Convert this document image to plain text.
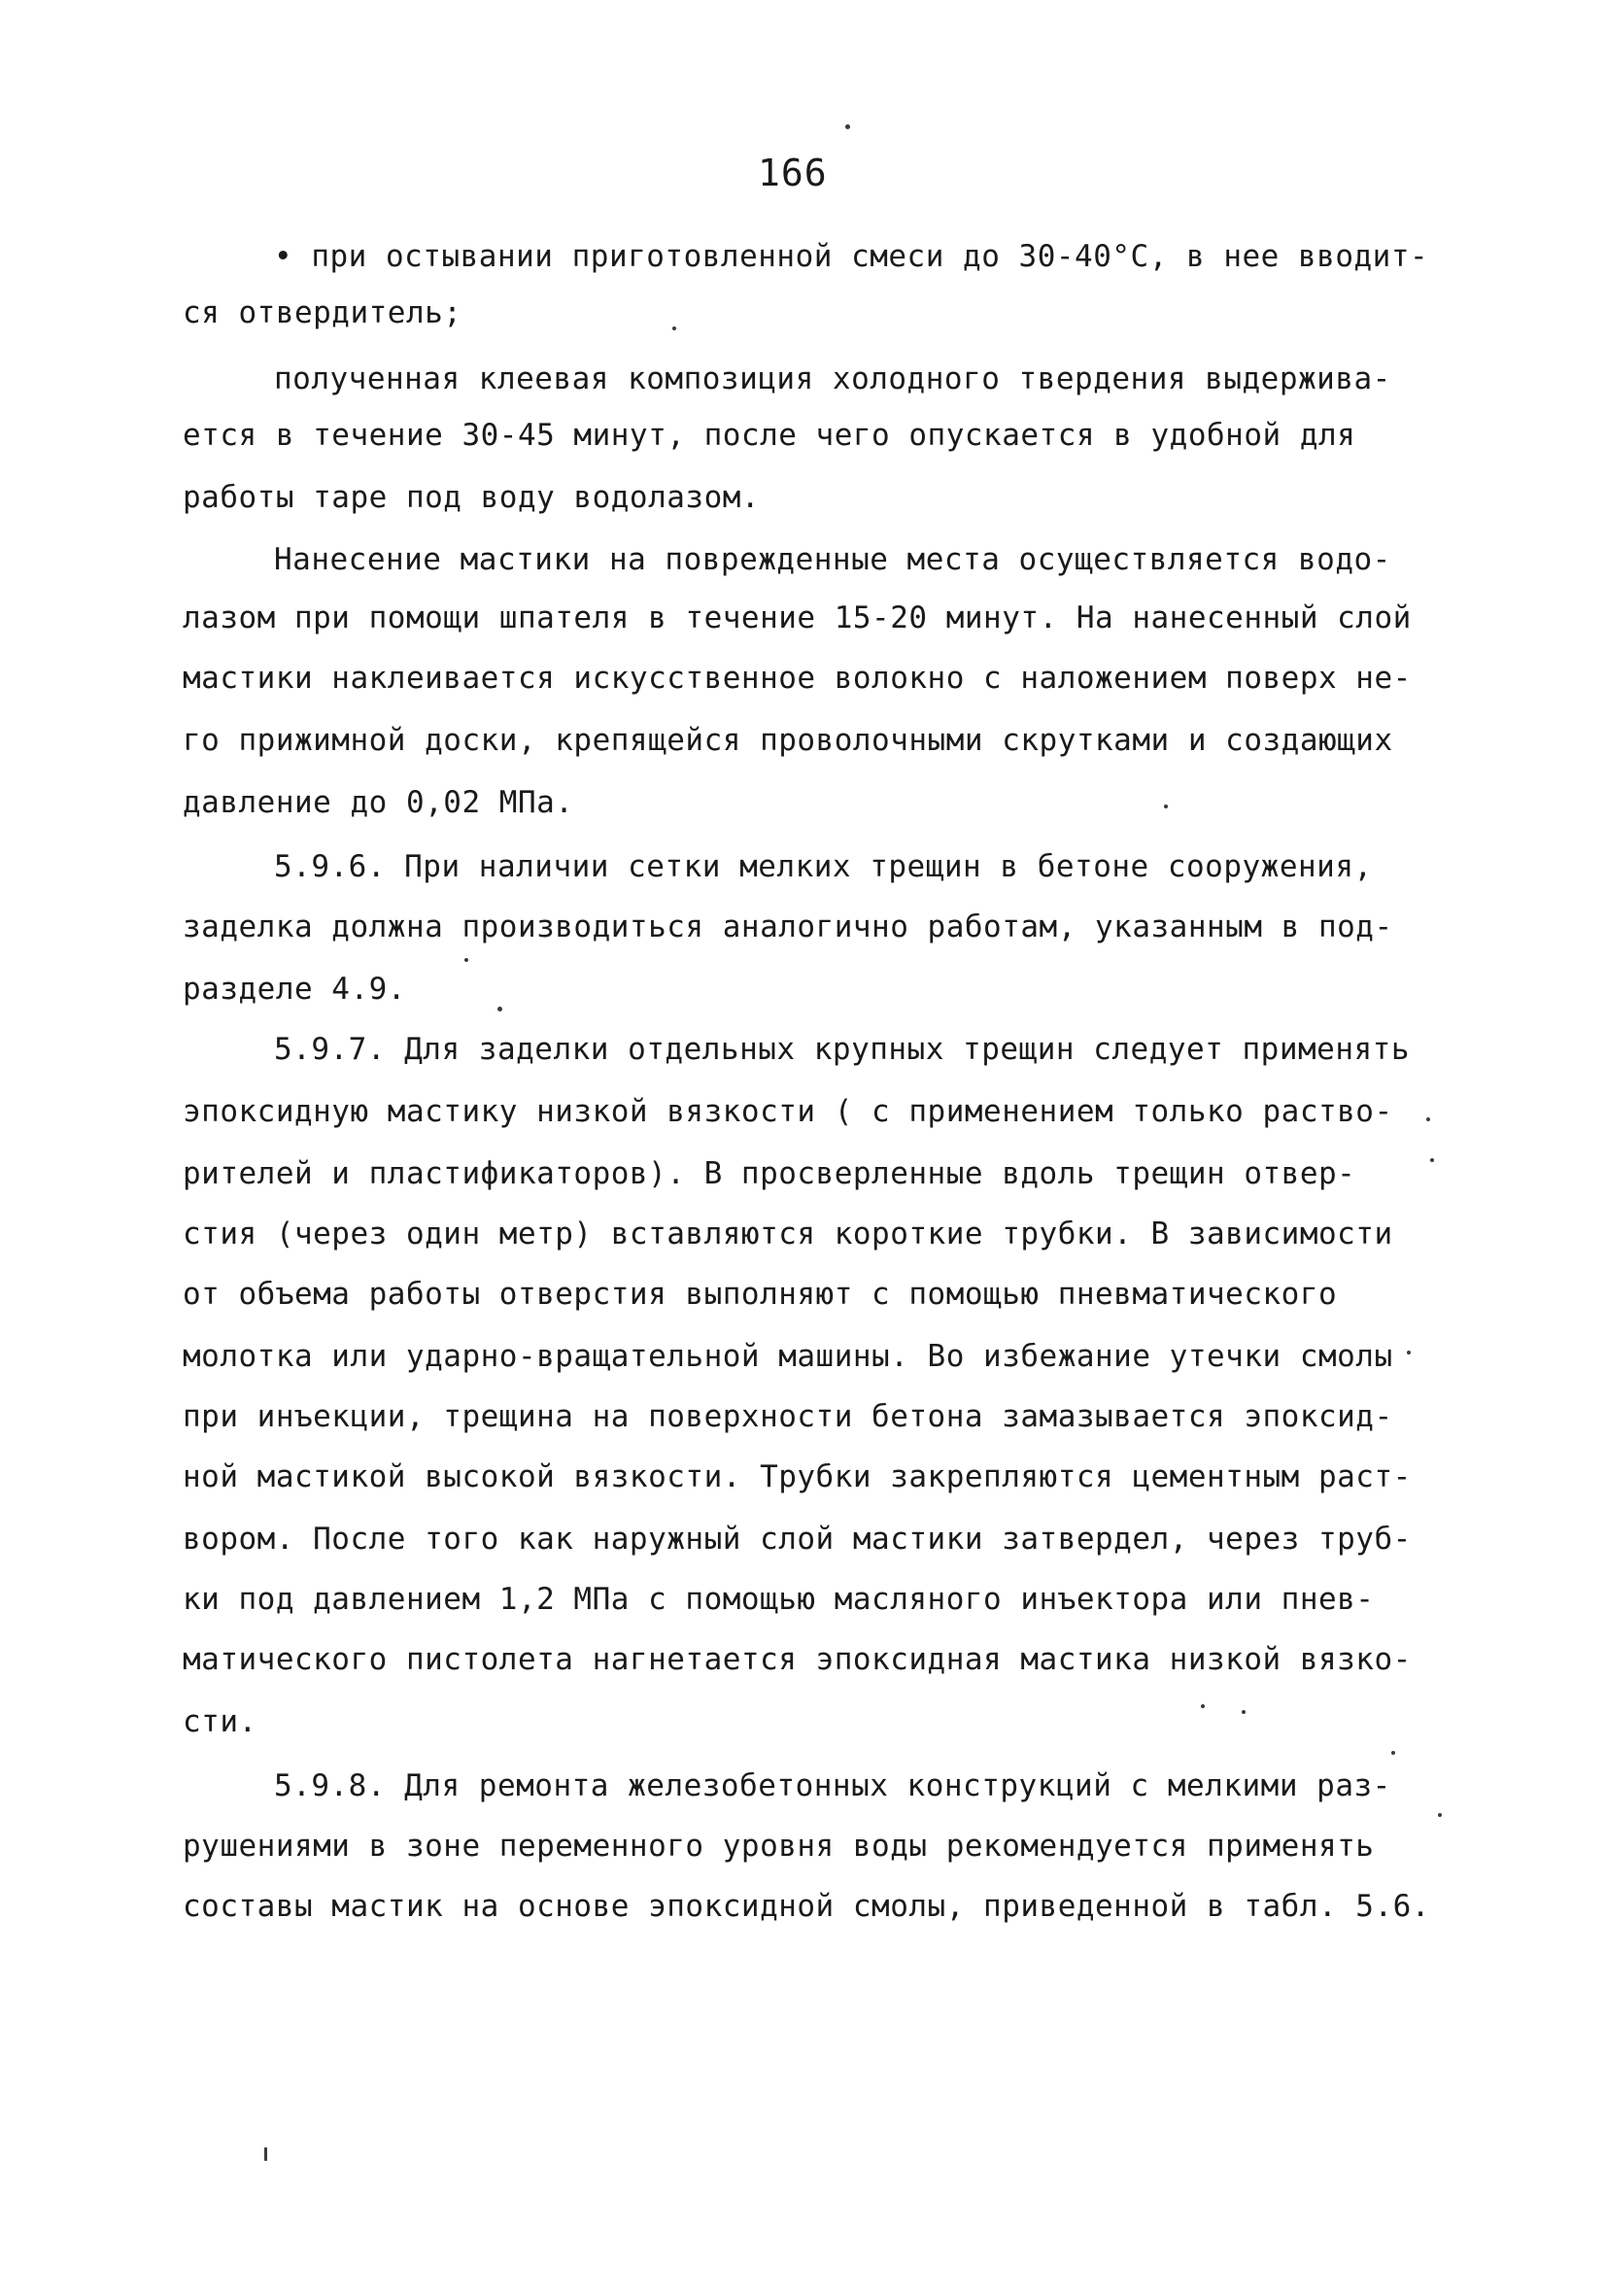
166
• при остывании приготовленной смеси до 30-40°С, в нее вводит-
ся отвердитель;
полученная клеевая композиция холодного твердения выдержива-
ется в течение 30-45 минут, после чего опускается в удобной для
работы таре под воду водолазом.
Нанесение мастики на поврежденные места осуществляется водо-
лазом при помощи шпателя в течение 15-20 минут. На нанесенный слой
мастики наклеивается искусственное волокно с наложением поверх не-
го прижимной доски, крепящейся проволочными скрутками и создающих
давление до 0,02 МПа.
5.9.6. При наличии сетки мелких трещин в бетоне сооружения,
заделка должна производиться аналогично работам, указанным в под-
разделе 4.9.
5.9.7. Для заделки отдельных крупных трещин следует применять
эпоксидную мастику низкой вязкости ( с применением только раство-
рителей и пластификаторов). В просверленные вдоль трещин отвер-
стия (через один метр) вставляются короткие трубки. В зависимости
от объема работы отверстия выполняют с помощью пневматического
молотка или ударно-вращательной машины. Во избежание утечки смолы
при инъекции, трещина на поверхности бетона замазывается эпоксид-
ной мастикой высокой вязкости. Трубки закрепляются цементным раст-
вором. После того как наружный слой мастики затвердел, через труб-
ки под давлением 1,2 МПа с помощью масляного инъектора или пнев-
матического пистолета нагнетается эпоксидная мастика низкой вязко-
сти.
5.9.8. Для ремонта железобетонных конструкций с мелкими раз-
рушениями в зоне переменного уровня воды рекомендуется применять
составы мастик на основе эпоксидной смолы, приведенной в табл. 5.6.
